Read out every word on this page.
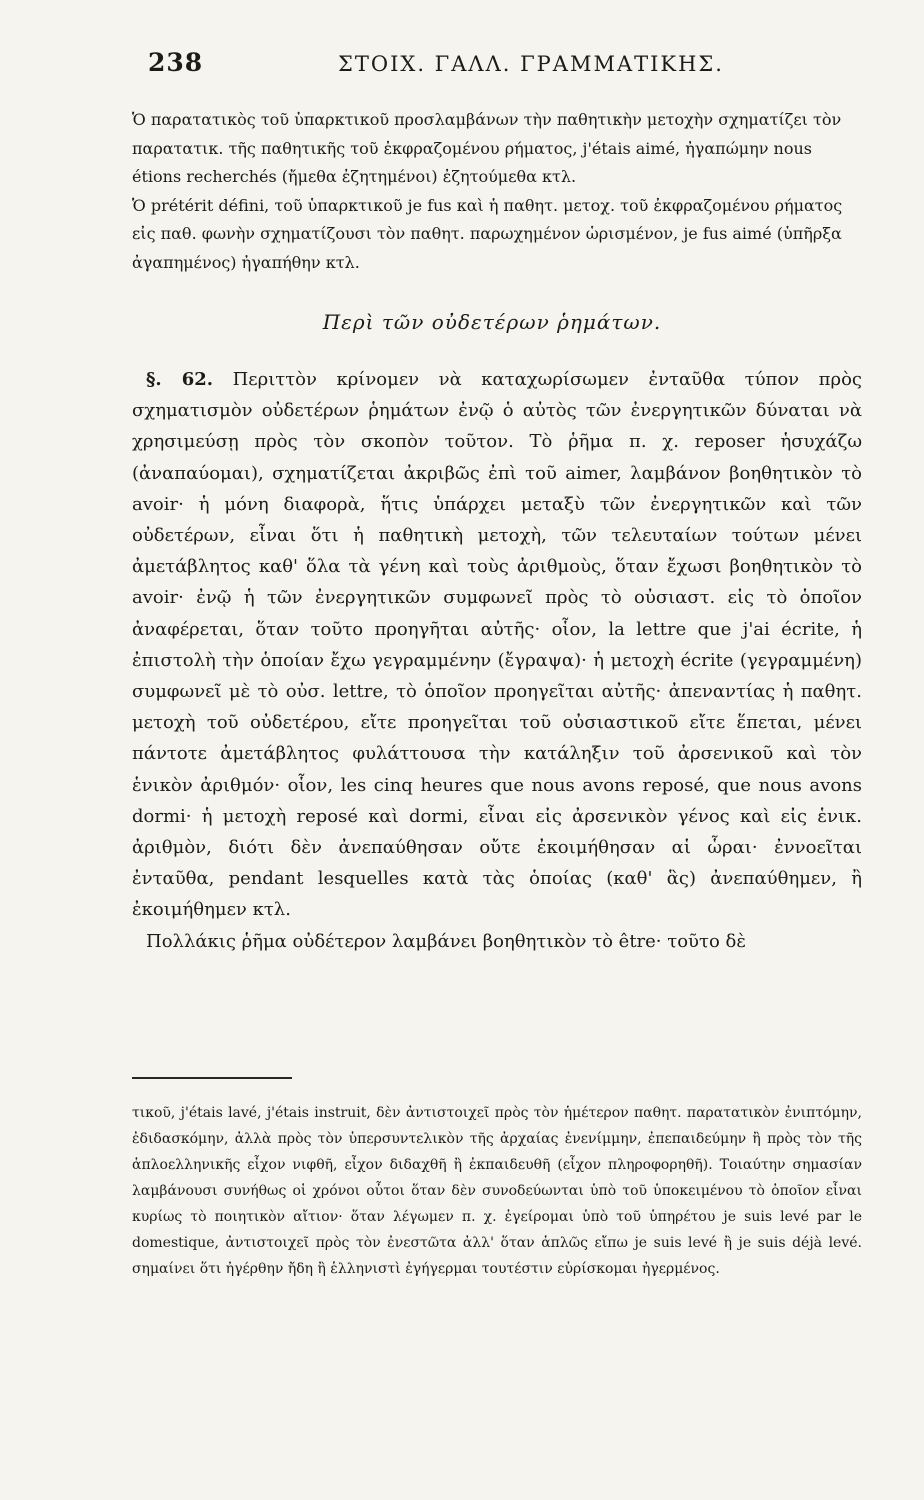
238	ΣΤΟΙΧ. ΓΑΛΛ. ΓΡΑΜΜΑΤΙΚΗΣ.

Ὁ παρατατικὸς τοῦ ὑπαρκτικοῦ προσλαμβάνων τὴν παθητικὴν μετοχὴν σχηματίζει τὸν παρατατικ. τῆς παθητικῆς τοῦ ἐκφραζομένου ρήματος, j'étais aimé, ἠγαπώμην nous étions recherchés (ἤμεθα ἐζητημένοι) ἐζητούμεθα κτλ.

Ὁ prétérit défini, τοῦ ὑπαρκτικοῦ je fus καὶ ἡ παθητ. μετοχ. τοῦ ἐκφραζομένου ρήματος εἰς παθ. φωνὴν σχηματίζουσι τὸν παθητ. παρωχημένον ὡρισμένον, je fus aimé (ὑπῆρξα ἀγαπημένος) ἠγαπήθην κτλ.

Περὶ τῶν οὐδετέρων ῥημάτων.

§. 62. Περιττὸν κρίνομεν νὰ καταχωρίσωμεν ἐνταῦθα τύπον πρὸς σχηματισμὸν οὐδετέρων ῥημάτων ἐνῷ ὁ αὐτὸς τῶν ἐνεργητικῶν δύναται νὰ χρησιμεύσῃ πρὸς τὸν σκοπὸν τοῦτον. Τὸ ῥῆμα π. χ. reposer ἡσυχάζω (ἀναπαύομαι), σχηματίζεται ἀκριβῶς ἐπὶ τοῦ aimer, λαμβάνον βοηθητικὸν τὸ avoir· ἡ μόνη διαφορὰ, ἥτις ὑπάρχει μεταξὺ τῶν ἐνεργητικῶν καὶ τῶν οὐδετέρων, εἶναι ὅτι ἡ παθητικὴ μετοχὴ, τῶν τελευταίων τούτων μένει ἀμετάβλητος καθ' ὅλα τὰ γένη καὶ τοὺς ἀριθμοὺς, ὅταν ἔχωσι βοηθητικὸν τὸ avoir· ἐνῷ ἡ τῶν ἐνεργητικῶν συμφωνεῖ πρὸς τὸ οὐσιαστ. εἰς τὸ ὁποῖον ἀναφέρεται, ὅταν τοῦτο προηγῆται αὐτῆς· οἷον, la lettre que j'ai écrite, ἡ ἐπιστολὴ τὴν ὁποίαν ἔχω γεγραμμένην (ἔγραψα)· ἡ μετοχὴ écrite (γεγραμμένη) συμφωνεῖ μὲ τὸ οὐσ. lettre, τὸ ὁποῖον προηγεῖται αὐτῆς· ἀπεναντίας ἡ παθητ. μετοχὴ τοῦ οὐδετέρου, εἴτε προηγεῖται τοῦ οὐσιαστικοῦ εἴτε ἕπεται, μένει πάντοτε ἀμετάβλητος φυλάττουσα τὴν κατάληξιν τοῦ ἀρσενικοῦ καὶ τὸν ἑνικὸν ἀριθμόν· οἷον, les cinq heures que nous avons reposé, que nous avons dormi· ἡ μετοχὴ reposé καὶ dormi, εἶναι εἰς ἀρσενικὸν γένος καὶ εἰς ἑνικ. ἀριθμὸν, διότι δὲν ἀνεπαύθησαν οὔτε ἐκοιμήθησαν αἱ ὧραι· ἐννοεῖται ἐνταῦθα, pendant lesquelles κατὰ τὰς ὁποίας (καθ' ἃς) ἀνεπαύθημεν, ἢ ἐκοιμήθημεν κτλ.

Πολλάκις ῥῆμα οὐδέτερον λαμβάνει βοηθητικὸν τὸ être· τοῦτο δὲ

τικοῦ, j'étais lavé, j'étais instruit, δὲν ἀντιστοιχεῖ πρὸς τὸν ἡμέτερον παθητ. παρατατικὸν ἐνιπτόμην, ἐδιδασκόμην, ἀλλὰ πρὸς τὸν ὑπερσυντελικὸν τῆς ἀρχαίας ἐνενίμμην, ἐπεπαιδεύμην ἢ πρὸς τὸν τῆς ἁπλοελληνικῆς εἶχον νιφθῆ, εἶχον διδαχθῆ ἢ ἐκπαιδευθῆ (εἶχον πληροφορηθῆ). Τοιαύτην σημασίαν λαμβάνουσι συνήθως οἱ χρόνοι οὗτοι ὅταν δὲν συνοδεύωνται ὑπὸ τοῦ ὑποκειμένου τὸ ὁποῖον εἶναι κυρίως τὸ ποιητικὸν αἴτιον· ὅταν λέγωμεν π. χ. ἐγείρομαι ὑπὸ τοῦ ὑπηρέτου je suis levé par le domestique, ἀντιστοιχεῖ πρὸς τὸν ἐνεστῶτα ἀλλ' ὅταν ἁπλῶς εἴπω je suis levé ἢ je suis déjà levé. σημαίνει ὅτι ἠγέρθην ἤδη ἢ ἑλληνιστὶ ἐγήγερμαι τουτέστιν εὑρίσκομαι ἠγερμένος.
